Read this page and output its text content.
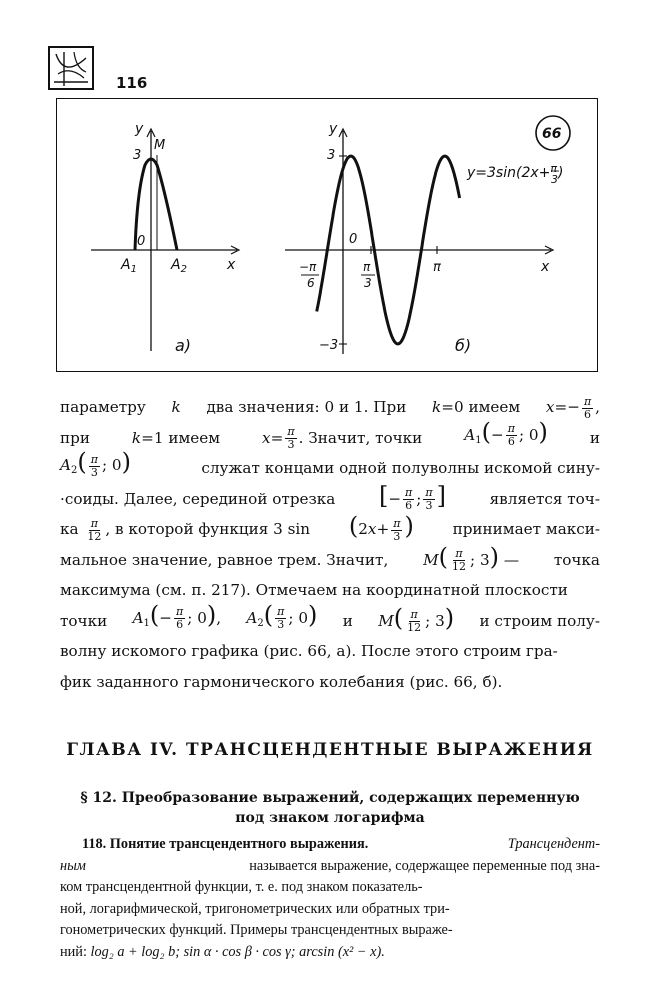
116
y
3
M
0
$A_1$ $A_2$	x
а)
y
3
−3
0
−π
6
π
3
π	x
б)
66
y=3sin(2x+$^\pi$ 3)
параметру k два значения: 0 и 1. При k=0 имеем $x=- \frac{\pi}{6}$ ,
при	k=1 имеем	$x= \frac{\pi}{3}$ . Значит, точки	$A_1(- \frac{\pi}{6}$ ; 0)	и
$A_2( \frac{\pi}{3}$ ; 0)	служат концами одной полуволны искомой сину-
·соиды. Далее, серединой отрезка [− $\frac{\pi}{6}$ ; $\frac{\pi}{3}$ ]	является точ-
ка $\frac{\pi}{12}$ , в которой функция 3 $\sin (2x+ \frac{\pi}{3}$ )	принимает макси-
мальное значение, равное трем. Значит, $M( \frac{\pi}{12}$ ; 3) — точка
максимума (см. п. 217). Отмечаем на координатной плоскости
точки $A_1(- \frac{\pi}{6}$ ; 0), $A_2( \frac{\pi}{3}$ ; 0) и $M( \frac{\pi}{12}$ ; 3) и строим полу-
волну искомого графика (рис. 66, а). После этого строим гра-
фик заданного гармонического колебания (рис. 66, б).
ГЛАВА IV. ТРАНСЦЕНДЕНТНЫЕ ВЫРАЖЕНИЯ
§ 12. Преобразование выражений, содержащих переменную
под знаком логарифма
118. Понятие трансцендентного выражения.	Трансцендент-
ным	называется выражение, содержащее переменные под зна-
ком трансцендентной функции, т. е. под знаком показатель-
ной, логарифмической, тригонометрических или обратных три-
гонометрических функций. Примеры трансцендентных выраже-
ний:
log₂ a + log₂ b;
sin α · cos β · cos γ;
arcsin (x² − x).
